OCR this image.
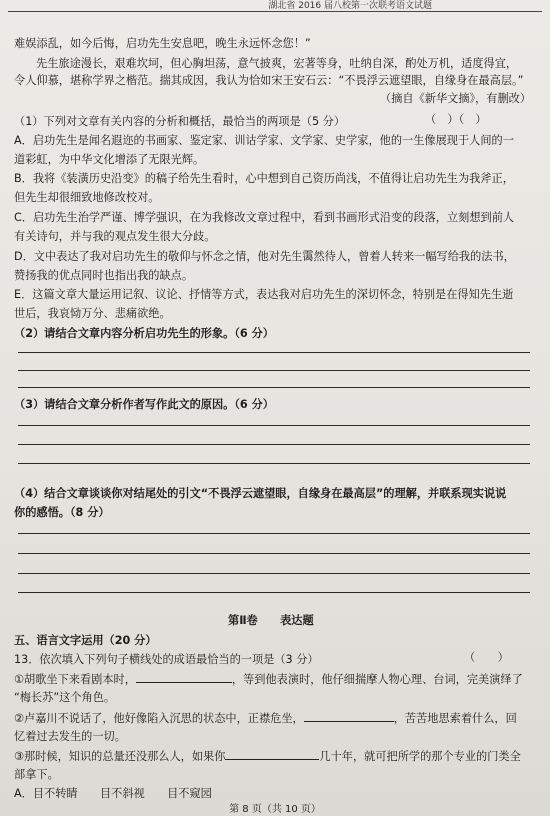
湖北省 2016 届八校第一次联考语文试题
难娱添乱，如今后悔，启功先生安息吧，晚生永远怀念您！”
先生旅途漫长，艰难坎坷，但心胸坦荡，意气披爽，宏著等身，吐纳自深，酌处万机，适度得宜，
令人仰慕，堪称学界之楷范。揣其成因，我认为恰如宋王安石云：“不畏浮云遮望眼，自缘身在最高层。”
（摘自《新华文摘》，有删改）
（1）下列对文章有关内容的分析和概括，最恰当的两项是（5 分）	（　）（　）
A．启功先生是闻名遐迩的书画家、鉴定家、训诂学家、文学家、史学家，他的一生像展现于人间的一
道彩虹，为中华文化增添了无限光辉。
B．我将《装潢历史沿变》的稿子给先生看时，心中想到自己资历尚浅，不值得让启功先生为我斧正，
但先生却很细致地修改校对。
C．启功先生治学严谨、博学强识，在为我修改文章过程中，看到书画形式沿变的段落，立刻想到前人
有关诗句，并与我的观点发生很大分歧。
D．文中表达了我对启功先生的敬仰与怀念之情，他对先生霭然待人，曾着人转来一幅写给我的法书，
赞扬我的优点同时也指出我的缺点。
E．这篇文章大量运用记叙、议论、抒情等方式，表达我对启功先生的深切怀念，特别是在得知先生逝
世后，我哀恸万分、悲痛欲绝。
（2）请结合文章内容分析启功先生的形象。（6 分）
（3）请结合文章分析作者写作此文的原因。（6 分）
（4）结合文章谈谈你对结尾处的引文“不畏浮云遮望眼，自缘身在最高层”的理解，并联系现实说说
你的感悟。（8 分）
第Ⅱ卷　　表达题
五、语言文字运用（20 分）
13．依次填入下列句子横线处的成语最恰当的一项是（3 分）	（　　）
①胡歌坐下来看剧本时，	，等到他表演时，他仔细揣摩人物心理、台词，完美演绎了
“梅长苏”这个角色。
②卢嘉川不说话了，他好像陷入沉思的状态中，正襟危坐，	，苦苦地思索着什么，回
忆着过去发生的一切。
③那时候，知识的总量还没那么人，如果你	几十年，就可把所学的那个专业的门类全
部拿下。
A．目不转睛　　目不斜视　　目不窥园
第 8 页（共 10 页）
